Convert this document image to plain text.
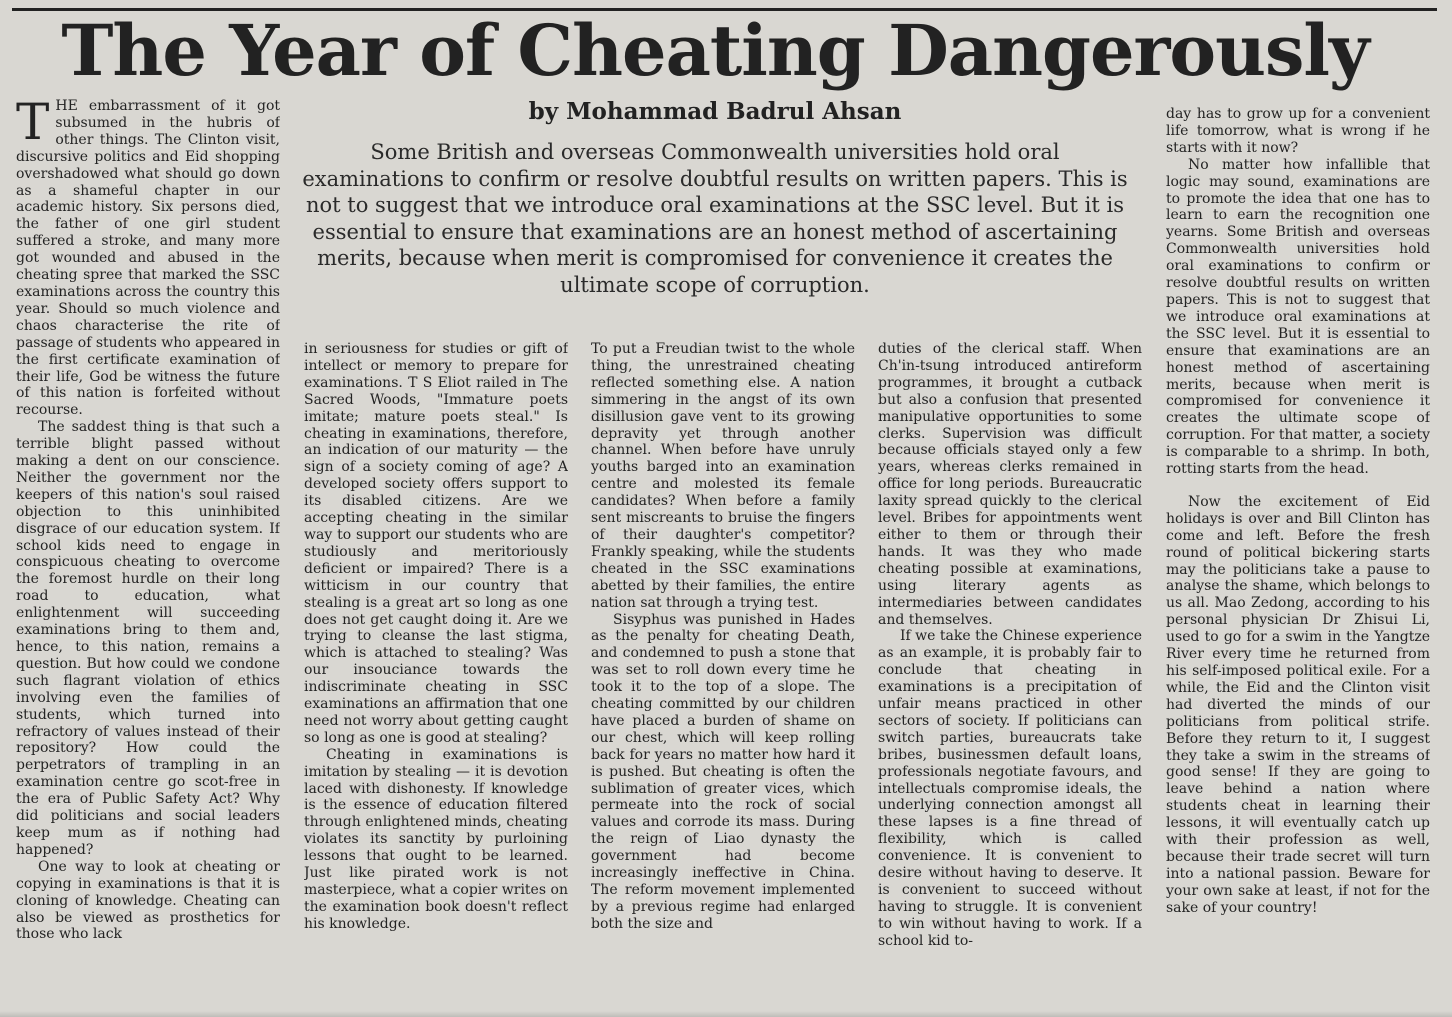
The Year of Cheating Dangerously
by Mohammad Badrul Ahsan
Some British and overseas Commonwealth universities hold oral examinations to confirm or resolve doubtful results on written papers. This is not to suggest that we introduce oral examinations at the SSC level. But it is essential to ensure that examinations are an honest method of ascertaining merits, because when merit is compromised for convenience it creates the ultimate scope of corruption.

THE embarrassment of it got subsumed in the hubris of other things. The Clinton visit, discursive politics and Eid shopping overshadowed what should go down as a shameful chapter in our academic history. Six persons died, the father of one girl student suffered a stroke, and many more got wounded and abused in the cheating spree that marked the SSC examinations across the country this year. Should so much violence and chaos characterise the rite of passage of students who appeared in the first certificate examination of their life, God be witness the future of this nation is forfeited without recourse.

The saddest thing is that such a terrible blight passed without making a dent on our conscience. Neither the government nor the keepers of this nation's soul raised objection to this uninhibited disgrace of our education system. If school kids need to engage in conspicuous cheating to overcome the foremost hurdle on their long road to education, what enlightenment will succeeding examinations bring to them and, hence, to this nation, remains a question. But how could we condone such flagrant violation of ethics involving even the families of students, which turned into refractory of values instead of their repository? How could the perpetrators of trampling in an examination centre go scot-free in the era of Public Safety Act? Why did politicians and social leaders keep mum as if nothing had happened?

One way to look at cheating or copying in examinations is that it is cloning of knowledge. Cheating can also be viewed as prosthetics for those who lack

in seriousness for studies or gift of intellect or memory to prepare for examinations. T S Eliot railed in The Sacred Woods, "Immature poets imitate; mature poets steal." Is cheating in examinations, therefore, an indication of our maturity — the sign of a society coming of age? A developed society offers support to its disabled citizens. Are we accepting cheating in the similar way to support our students who are studiously and meritoriously deficient or impaired? There is a witticism in our country that stealing is a great art so long as one does not get caught doing it. Are we trying to cleanse the last stigma, which is attached to stealing? Was our insouciance towards the indiscriminate cheating in SSC examinations an affirmation that one need not worry about getting caught so long as one is good at stealing?

Cheating in examinations is imitation by stealing — it is devotion laced with dishonesty. If knowledge is the essence of education filtered through enlightened minds, cheating violates its sanctity by purloining lessons that ought to be learned. Just like pirated work is not masterpiece, what a copier writes on the examination book doesn't reflect his knowledge.

To put a Freudian twist to the whole thing, the unrestrained cheating reflected something else. A nation simmering in the angst of its own disillusion gave vent to its growing depravity yet through another channel. When before have unruly youths barged into an examination centre and molested its female candidates? When before a family sent miscreants to bruise the fingers of their daughter's competitor? Frankly speaking, while the students cheated in the SSC examinations abetted by their families, the entire nation sat through a trying test.

Sisyphus was punished in Hades as the penalty for cheating Death, and condemned to push a stone that was set to roll down every time he took it to the top of a slope. The cheating committed by our children have placed a burden of shame on our chest, which will keep rolling back for years no matter how hard it is pushed. But cheating is often the sublimation of greater vices, which permeate into the rock of social values and corrode its mass. During the reign of Liao dynasty the government had become increasingly ineffective in China. The reform movement implemented by a previous regime had enlarged both the size and

duties of the clerical staff. When Ch'in-tsung introduced antireform programmes, it brought a cutback but also a confusion that presented manipulative opportunities to some clerks. Supervision was difficult because officials stayed only a few years, whereas clerks remained in office for long periods. Bureaucratic laxity spread quickly to the clerical level. Bribes for appointments went either to them or through their hands. It was they who made cheating possible at examinations, using literary agents as intermediaries between candidates and themselves.

If we take the Chinese experience as an example, it is probably fair to conclude that cheating in examinations is a precipitation of unfair means practiced in other sectors of society. If politicians can switch parties, bureaucrats take bribes, businessmen default loans, professionals negotiate favours, and intellectuals compromise ideals, the underlying connection amongst all these lapses is a fine thread of flexibility, which is called convenience. It is convenient to desire without having to deserve. It is convenient to succeed without having to struggle. It is convenient to win without having to work. If a school kid to-

day has to grow up for a convenient life tomorrow, what is wrong if he starts with it now?

No matter how infallible that logic may sound, examinations are to promote the idea that one has to learn to earn the recognition one yearns. Some British and overseas Commonwealth universities hold oral examinations to confirm or resolve doubtful results on written papers. This is not to suggest that we introduce oral examinations at the SSC level. But it is essential to ensure that examinations are an honest method of ascertaining merits, because when merit is compromised for convenience it creates the ultimate scope of corruption. For that matter, a society is comparable to a shrimp. In both, rotting starts from the head.

Now the excitement of Eid holidays is over and Bill Clinton has come and left. Before the fresh round of political bickering starts may the politicians take a pause to analyse the shame, which belongs to us all. Mao Zedong, according to his personal physician Dr Zhisui Li, used to go for a swim in the Yangtze River every time he returned from his self-imposed political exile. For a while, the Eid and the Clinton visit had diverted the minds of our politicians from political strife. Before they return to it, I suggest they take a swim in the streams of good sense! If they are going to leave behind a nation where students cheat in learning their lessons, it will eventually catch up with their profession as well, because their trade secret will turn into a national passion. Beware for your own sake at least, if not for the sake of your country!
